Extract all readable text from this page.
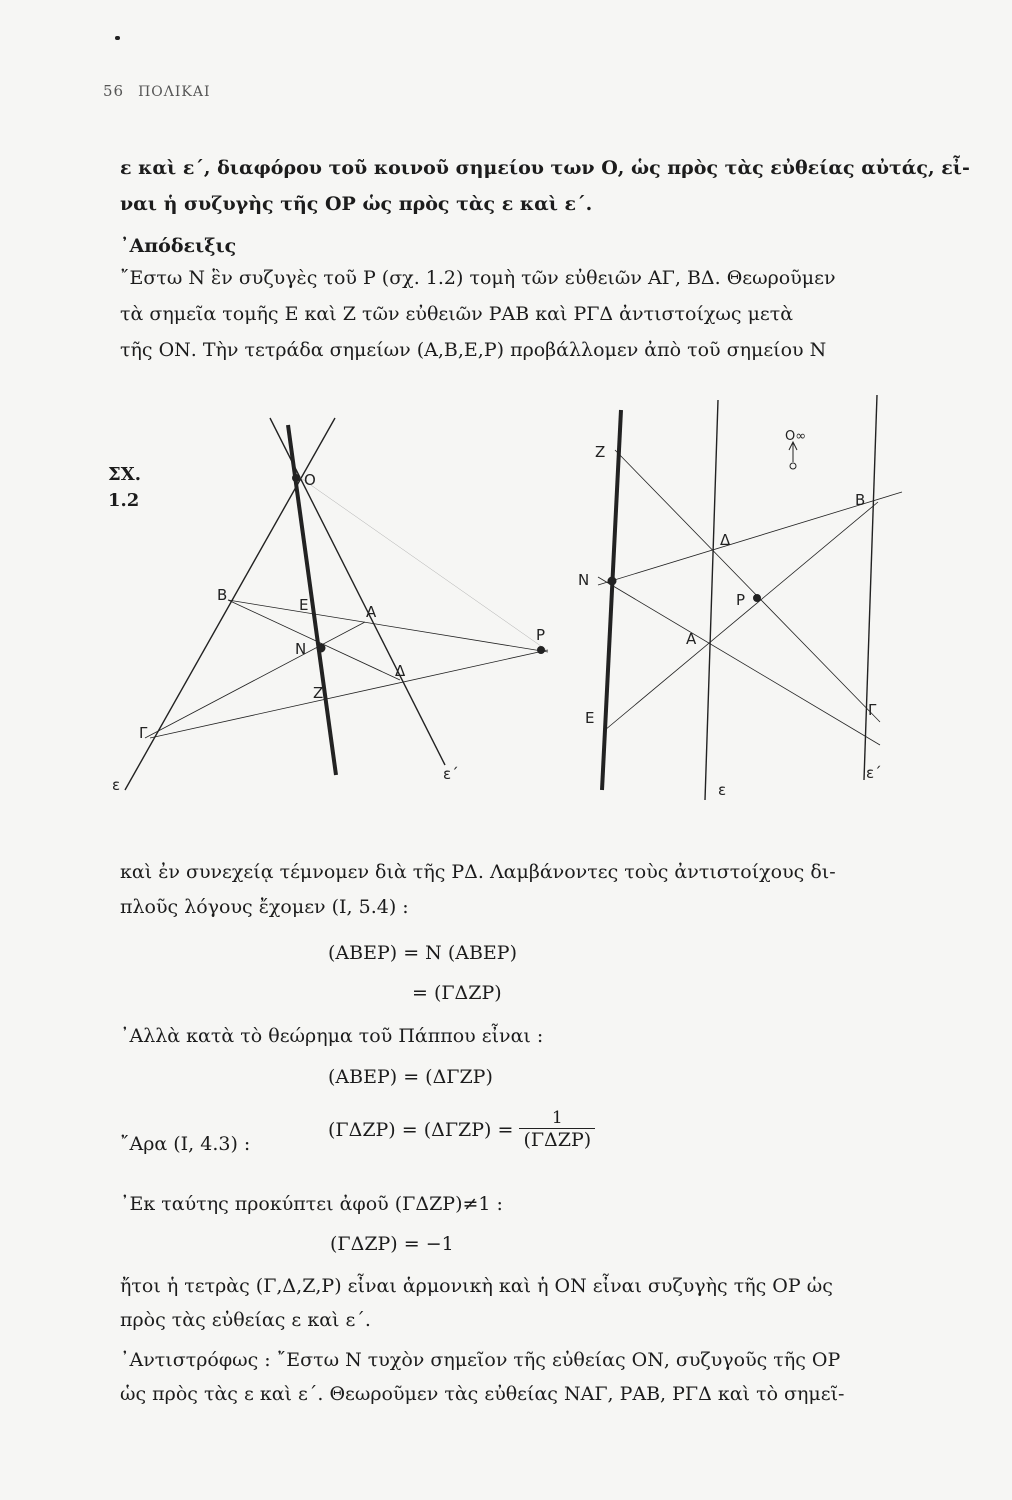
56 ΠΟΛΙΚΑΙ
ε καὶ ε΄, διαφόρου τοῦ κοινοῦ σημείου των Ο, ὡς πρὸς τὰς εὐθείας αὐτάς, εἶ-
ναι ἡ συζυγὴς τῆς ΟΡ ὡς πρὸς τὰς ε καὶ ε΄.
᾿Απόδειξις
῎Εστω Ν ἓν συζυγὲς τοῦ Ρ (σχ. 1.2) τομὴ τῶν εὐθειῶν ΑΓ, ΒΔ. Θεωροῦμεν
τὰ σημεῖα τομῆς Ε καὶ Ζ τῶν εὐθειῶν ΡΑΒ καὶ ΡΓΔ ἀντιστοίχως μετὰ
τῆς ΟΝ. Τὴν τετράδα σημείων (Α,Β,Ε,Ρ) προβάλλομεν ἀπὸ τοῦ σημείου Ν
ΣΧ.
1.2
O
B
E	A
N
P
Δ
Z
Γ
ε
ε΄
Z
O∞
B
Δ
N
P
A
E	Γ
ε
ε΄
καὶ ἐν συνεχείᾳ τέμνομεν διὰ τῆς ΡΔ. Λαμβάνοντες τοὺς ἀντιστοίχους δι-
πλοῦς λόγους ἔχομεν (Ι, 5.4) :
(ΑΒΕΡ) = Ν (ΑΒΕΡ)
= (ΓΔΖΡ)
᾿Αλλὰ κατὰ τὸ θεώρημα τοῦ Πάππου εἶναι :
(ΑΒΕΡ) = (ΔΓΖΡ)
῎Αρα (Ι, 4.3) :
$(\Gamma\Delta ZP) = (\Delta\Gamma ZP) = \frac{1}{\text{(ΓΔΖΡ)}}$
᾿Εκ ταύτης προκύπτει ἀφοῦ (ΓΔΖΡ)≠1 :
(ΓΔΖΡ) = −1
ἤτοι ἡ τετρὰς (Γ,Δ,Ζ,Ρ) εἶναι ἁρμονικὴ καὶ ἡ ΟΝ εἶναι συζυγὴς τῆς ΟΡ ὡς
πρὸς τὰς εὐθείας ε καὶ ε΄.
᾿Αντιστρόφως : ῎Εστω Ν τυχὸν σημεῖον τῆς εὐθείας ΟΝ, συζυγοῦς τῆς ΟΡ
ὡς πρὸς τὰς ε καὶ ε΄. Θεωροῦμεν τὰς εὐθείας ΝΑΓ, ΡΑΒ, ΡΓΔ καὶ τὸ σημεῖ-
